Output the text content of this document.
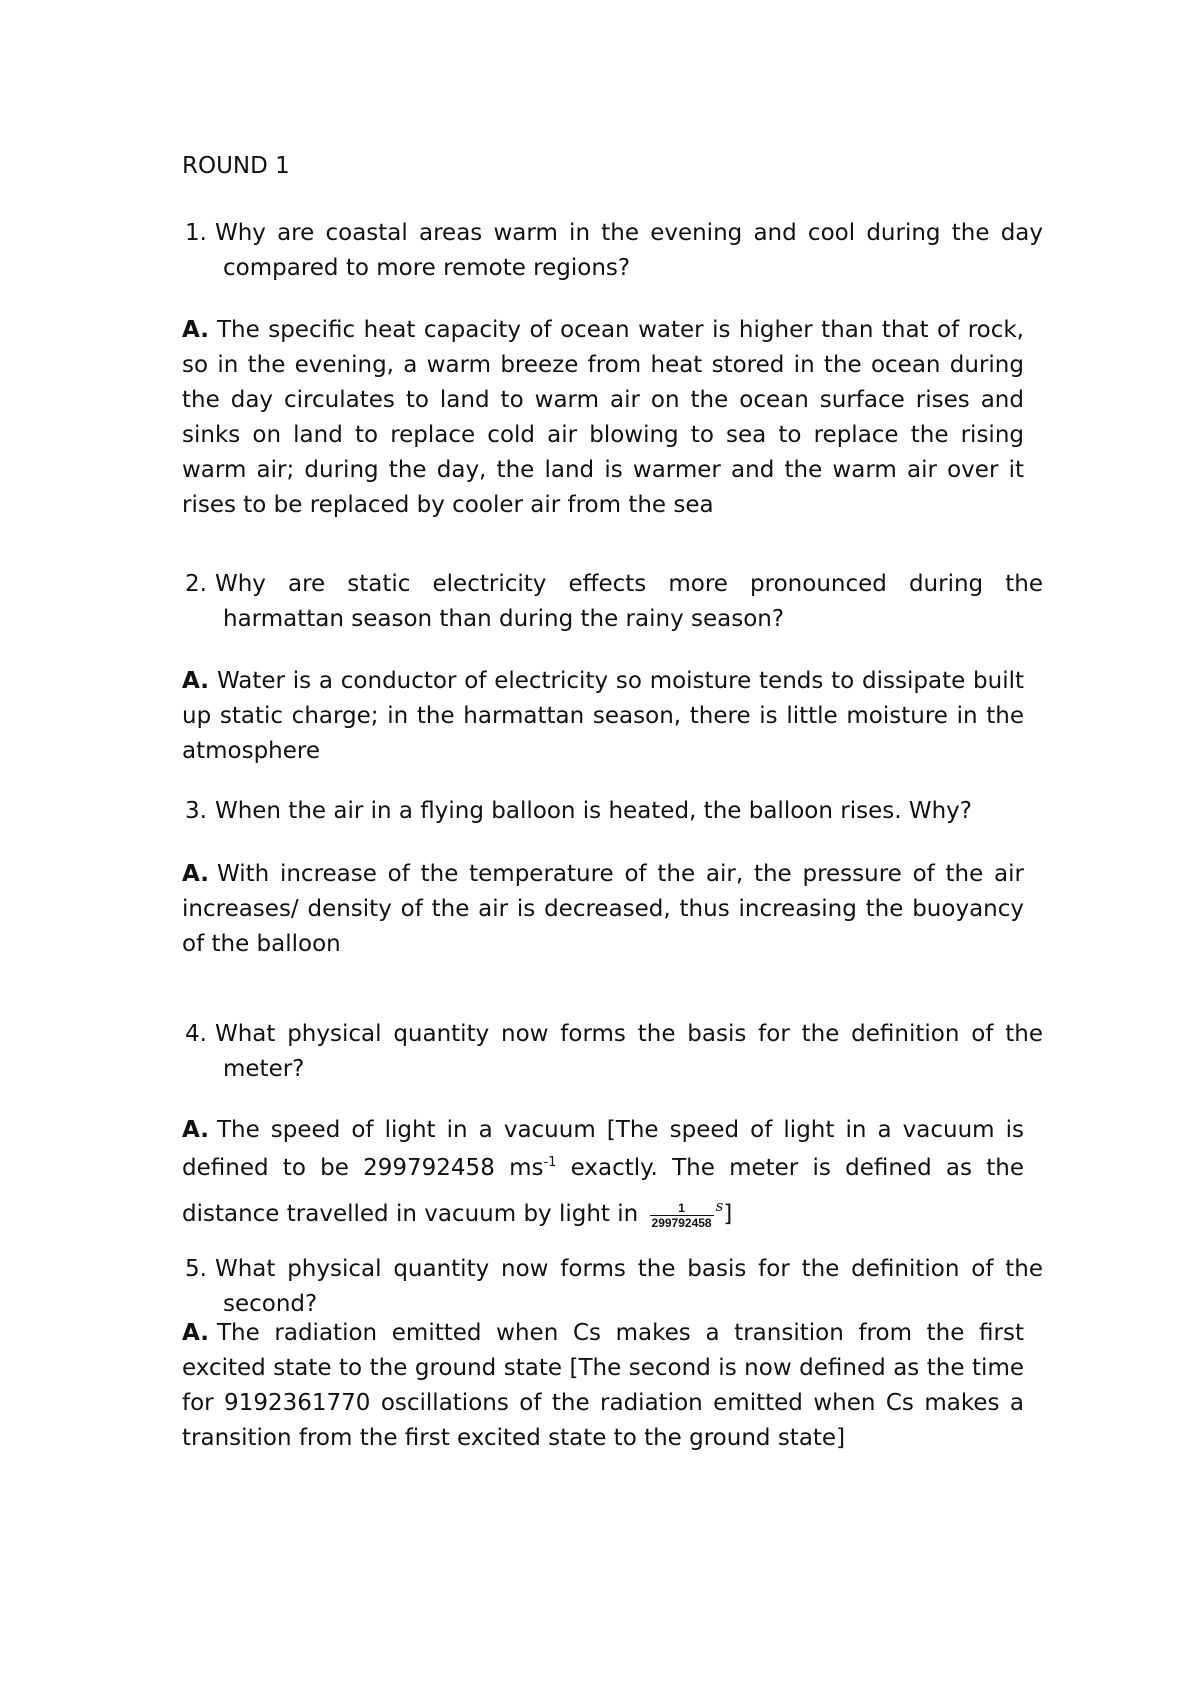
ROUND 1
1. Why are coastal areas warm in the evening and cool during the day compared to more remote regions?
A. The specific heat capacity of ocean water is higher than that of rock, so in the evening, a warm breeze from heat stored in the ocean during the day circulates to land to warm air on the ocean surface rises and sinks on land to replace cold air blowing to sea to replace the rising warm air; during the day, the land is warmer and the warm air over it rises to be replaced by cooler air from the sea
2. Why are static electricity effects more pronounced during the harmattan season than during the rainy season?
A. Water is a conductor of electricity so moisture tends to dissipate built up static charge; in the harmattan season, there is little moisture in the atmosphere
3. When the air in a flying balloon is heated, the balloon rises. Why?
A. With increase of the temperature of the air, the pressure of the air increases/ density of the air is decreased, thus increasing the buoyancy of the balloon
4. What physical quantity now forms the basis for the definition of the meter?
A. The speed of light in a vacuum [The speed of light in a vacuum is defined to be 299792458 $ms^{-1}$ exactly. The meter is defined as the distance travelled in vacuum by light in $\frac{1}{299792458} ^s$]
5. What physical quantity now forms the basis for the definition of the second?
A. The radiation emitted when Cs makes a transition from the first excited state to the ground state [The second is now defined as the time for 9192361770 oscillations of the radiation emitted when Cs makes a transition from the first excited state to the ground state]
